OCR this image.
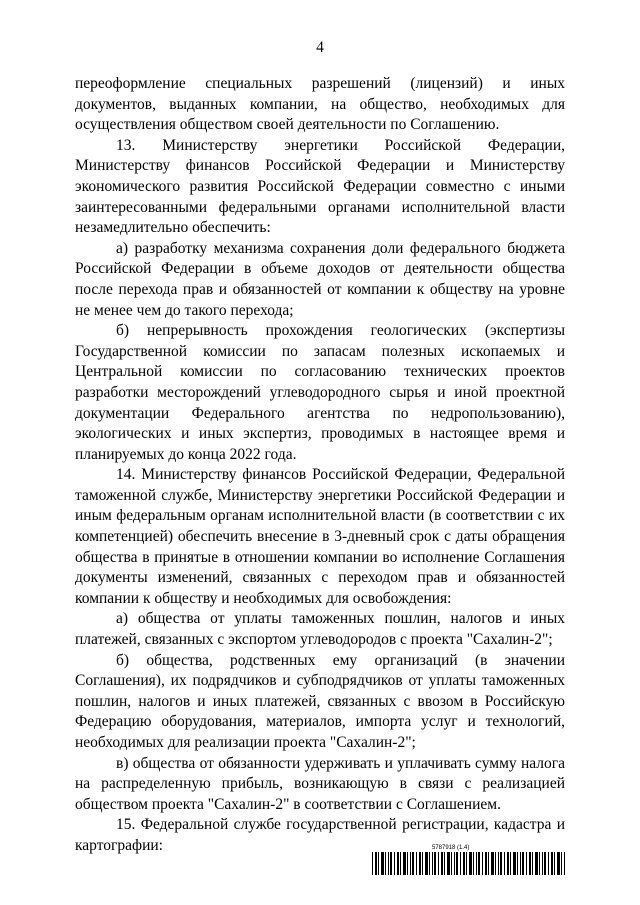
4

переоформление специальных разрешений (лицензий) и иных документов, выданных компании, на общество, необходимых для осуществления обществом своей деятельности по Соглашению.

13. Министерству энергетики Российской Федерации, Министерству финансов Российской Федерации и Министерству экономического развития Российской Федерации совместно с иными заинтересованными федеральными органами исполнительной власти незамедлительно обеспечить:

а) разработку механизма сохранения доли федерального бюджета Российской Федерации в объеме доходов от деятельности общества после перехода прав и обязанностей от компании к обществу на уровне не менее чем до такого перехода;

б) непрерывность прохождения геологических (экспертизы Государственной комиссии по запасам полезных ископаемых и Центральной комиссии по согласованию технических проектов разработки месторождений углеводородного сырья и иной проектной документации Федерального агентства по недропользованию), экологических и иных экспертиз, проводимых в настоящее время и планируемых до конца 2022 года.

14. Министерству финансов Российской Федерации, Федеральной таможенной службе, Министерству энергетики Российской Федерации и иным федеральным органам исполнительной власти (в соответствии с их компетенцией) обеспечить внесение в 3-дневный срок с даты обращения общества в принятые в отношении компании во исполнение Соглашения документы изменений, связанных с переходом прав и обязанностей компании к обществу и необходимых для освобождения:

а) общества от уплаты таможенных пошлин, налогов и иных платежей, связанных с экспортом углеводородов с проекта "Сахалин-2";

б) общества, родственных ему организаций (в значении Соглашения), их подрядчиков и субподрядчиков от уплаты таможенных пошлин, налогов и иных платежей, связанных с ввозом в Российскую Федерацию оборудования, материалов, импорта услуг и технологий, необходимых для реализации проекта "Сахалин-2";

в) общества от обязанности удерживать и уплачивать сумму налога на распределенную прибыль, возникающую в связи с реализацией обществом проекта "Сахалин-2" в соответствии с Соглашением.

15. Федеральной службе государственной регистрации, кадастра и картографии:	5787918 (1.4)
